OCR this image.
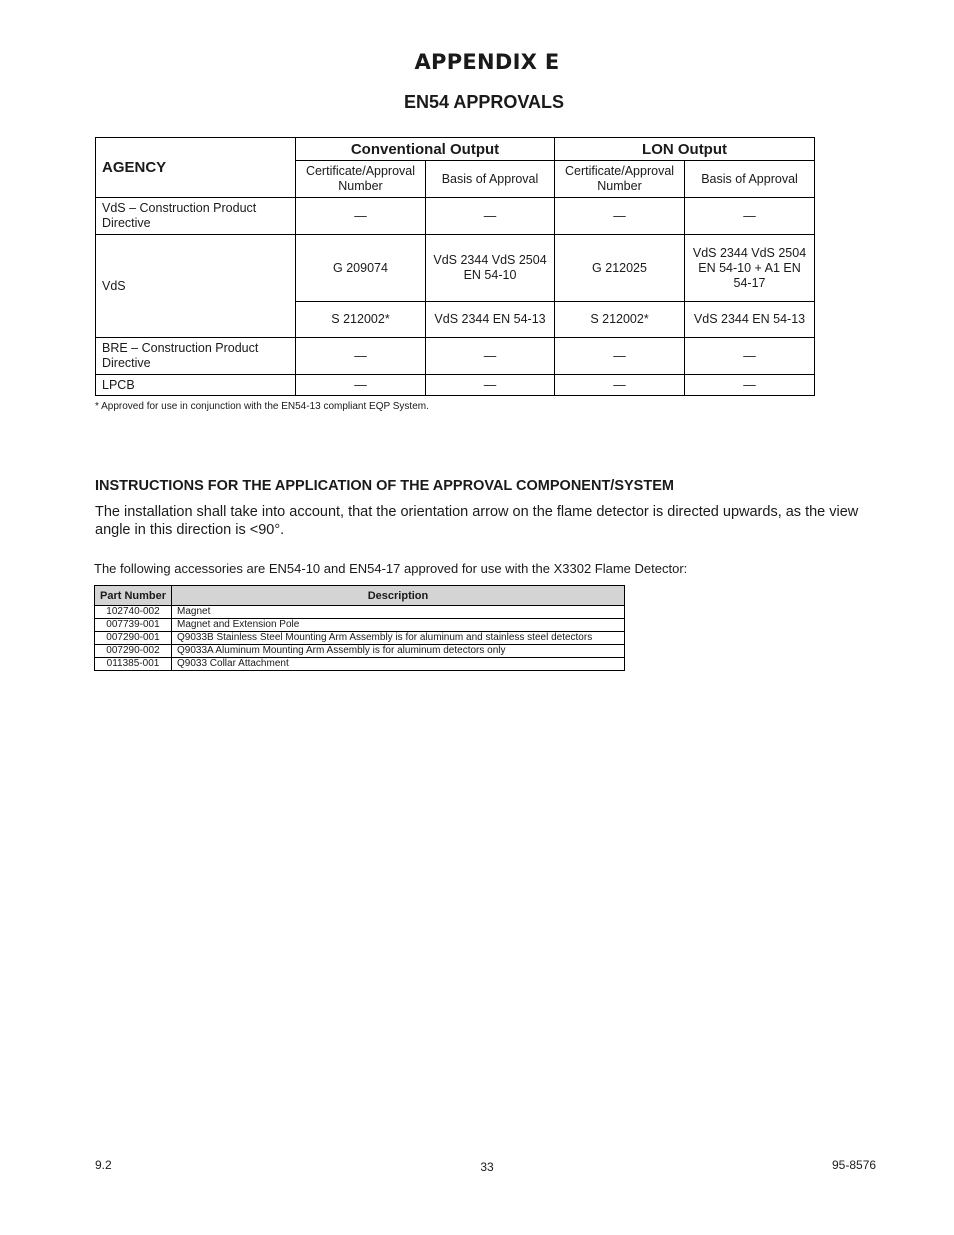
APPENDIX E
EN54 APPROVALS
AGENCY	Conventional Output		LON Output	
	Certificate/Approval Number	Basis of Approval	Certificate/Approval Number	Basis of Approval
VdS – Construction Product Directive	—	—	—	—
VdS	G 209074	VdS 2344 VdS 2504 EN 54-10	G 212025	VdS 2344 VdS 2504 EN 54-10 + A1 EN 54-17
	S 212002*	VdS 2344 EN 54-13	S 212002*	VdS 2344 EN 54-13
BRE – Construction Product Directive	—	—	—	—
LPCB	—	—	—	—
* Approved for use in conjunction with the EN54-13 compliant EQP System.
INSTRUCTIONS FOR THE APPLICATION OF THE APPROVAL COMPONENT/SYSTEM
The installation shall take into account, that the orientation arrow on the flame detector is directed upwards, as the view angle in this direction is <90°.
The following accessories are EN54-10 and EN54-17 approved for use with the X3302 Flame Detector:
Part Number	Description
102740-002	Magnet
007739-001	Magnet and Extension Pole
007290-001	Q9033B Stainless Steel Mounting Arm Assembly is for aluminum and stainless steel detectors
007290-002	Q9033A Aluminum Mounting Arm Assembly is for aluminum detectors only
011385-001	Q9033 Collar Attachment
9.2	33	95-8576
